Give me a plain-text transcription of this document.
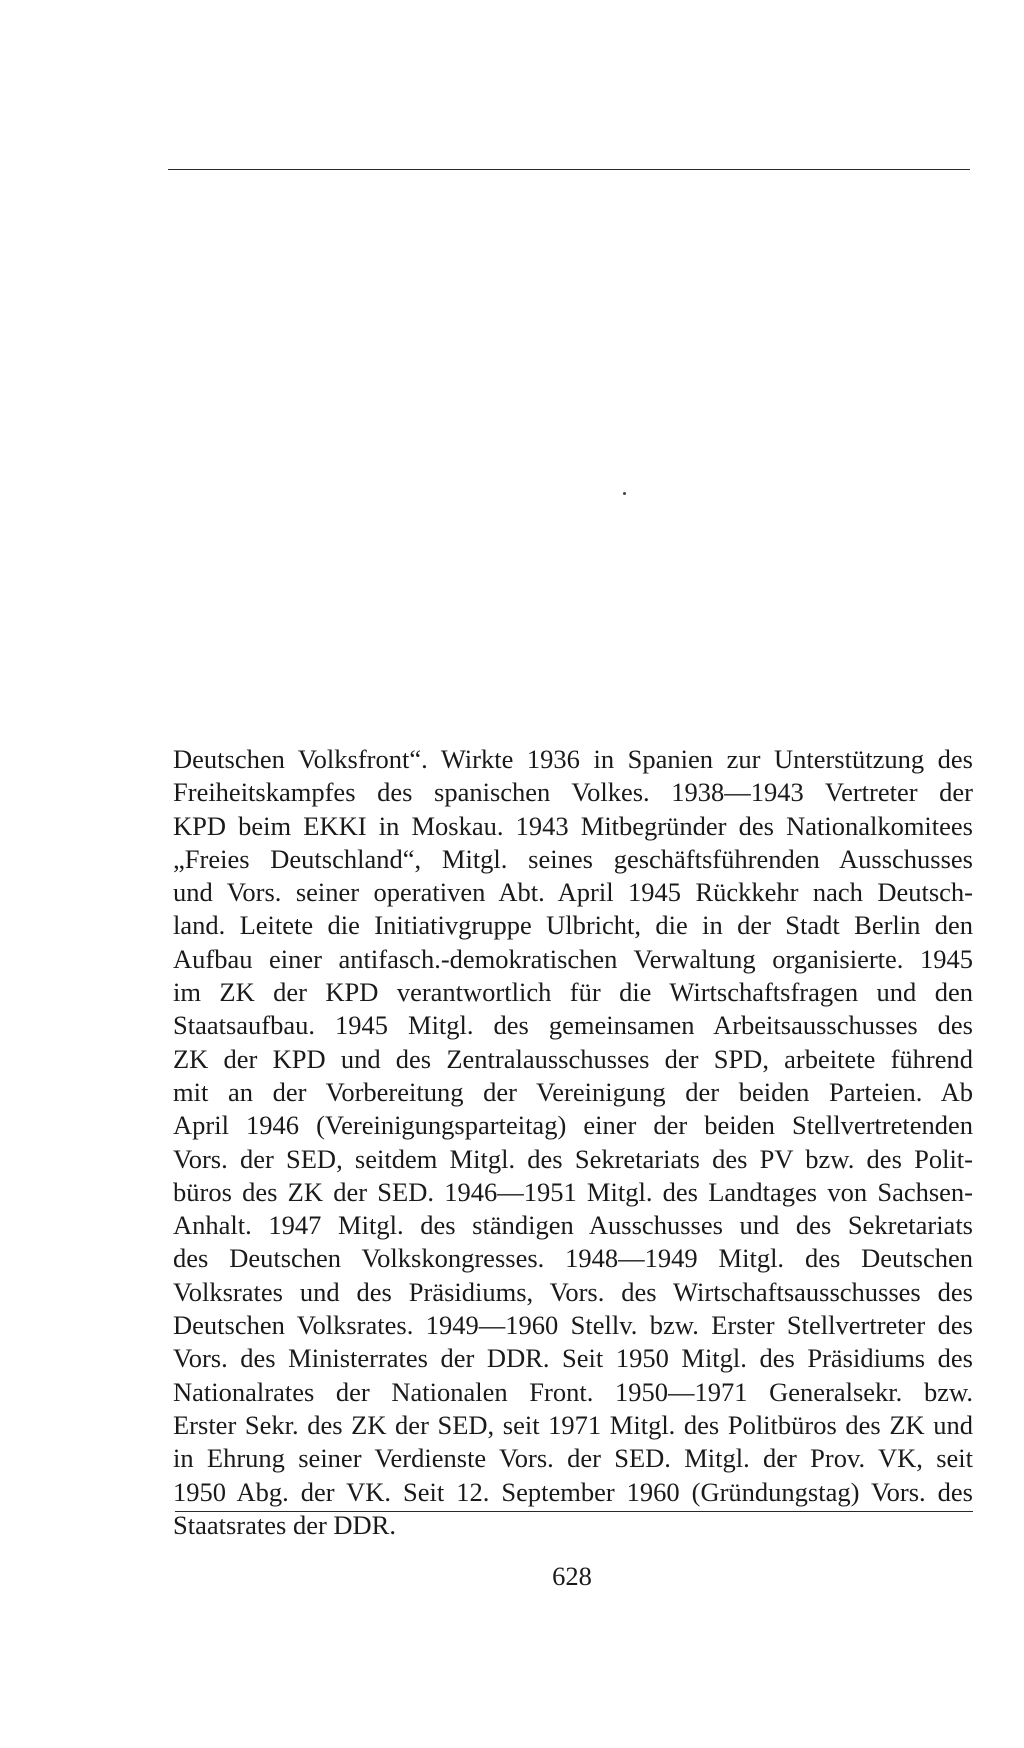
Deutschen Volksfront“. Wirkte 1936 in Spanien zur Unterstützung des
Freiheitskampfes des spanischen Volkes. 1938—1943 Vertreter der
KPD beim EKKI in Moskau. 1943 Mitbegründer des Nationalkomitees
„Freies Deutschland“, Mitgl. seines geschäftsführenden Ausschusses
und Vors. seiner operativen Abt. April 1945 Rückkehr nach Deutsch-
land. Leitete die Initiativgruppe Ulbricht, die in der Stadt Berlin den
Aufbau einer antifasch.-demokratischen Verwaltung organisierte. 1945
im ZK der KPD verantwortlich für die Wirtschaftsfragen und den
Staatsaufbau. 1945 Mitgl. des gemeinsamen Arbeitsausschusses des
ZK der KPD und des Zentralausschusses der SPD, arbeitete führend
mit an der Vorbereitung der Vereinigung der beiden Parteien. Ab
April 1946 (Vereinigungsparteitag) einer der beiden Stellvertretenden
Vors. der SED, seitdem Mitgl. des Sekretariats des PV bzw. des Polit-
büros des ZK der SED. 1946—1951 Mitgl. des Landtages von Sachsen-
Anhalt. 1947 Mitgl. des ständigen Ausschusses und des Sekretariats
des Deutschen Volkskongresses. 1948—1949 Mitgl. des Deutschen
Volksrates und des Präsidiums, Vors. des Wirtschaftsausschusses des
Deutschen Volksrates. 1949—1960 Stellv. bzw. Erster Stellvertreter des
Vors. des Ministerrates der DDR. Seit 1950 Mitgl. des Präsidiums des
Nationalrates der Nationalen Front. 1950—1971 Generalsekr. bzw.
Erster Sekr. des ZK der SED, seit 1971 Mitgl. des Politbüros des ZK und
in Ehrung seiner Verdienste Vors. der SED. Mitgl. der Prov. VK, seit
1950 Abg. der VK. Seit 12. September 1960 (Gründungstag) Vors. des
Staatsrates der DDR.

628
